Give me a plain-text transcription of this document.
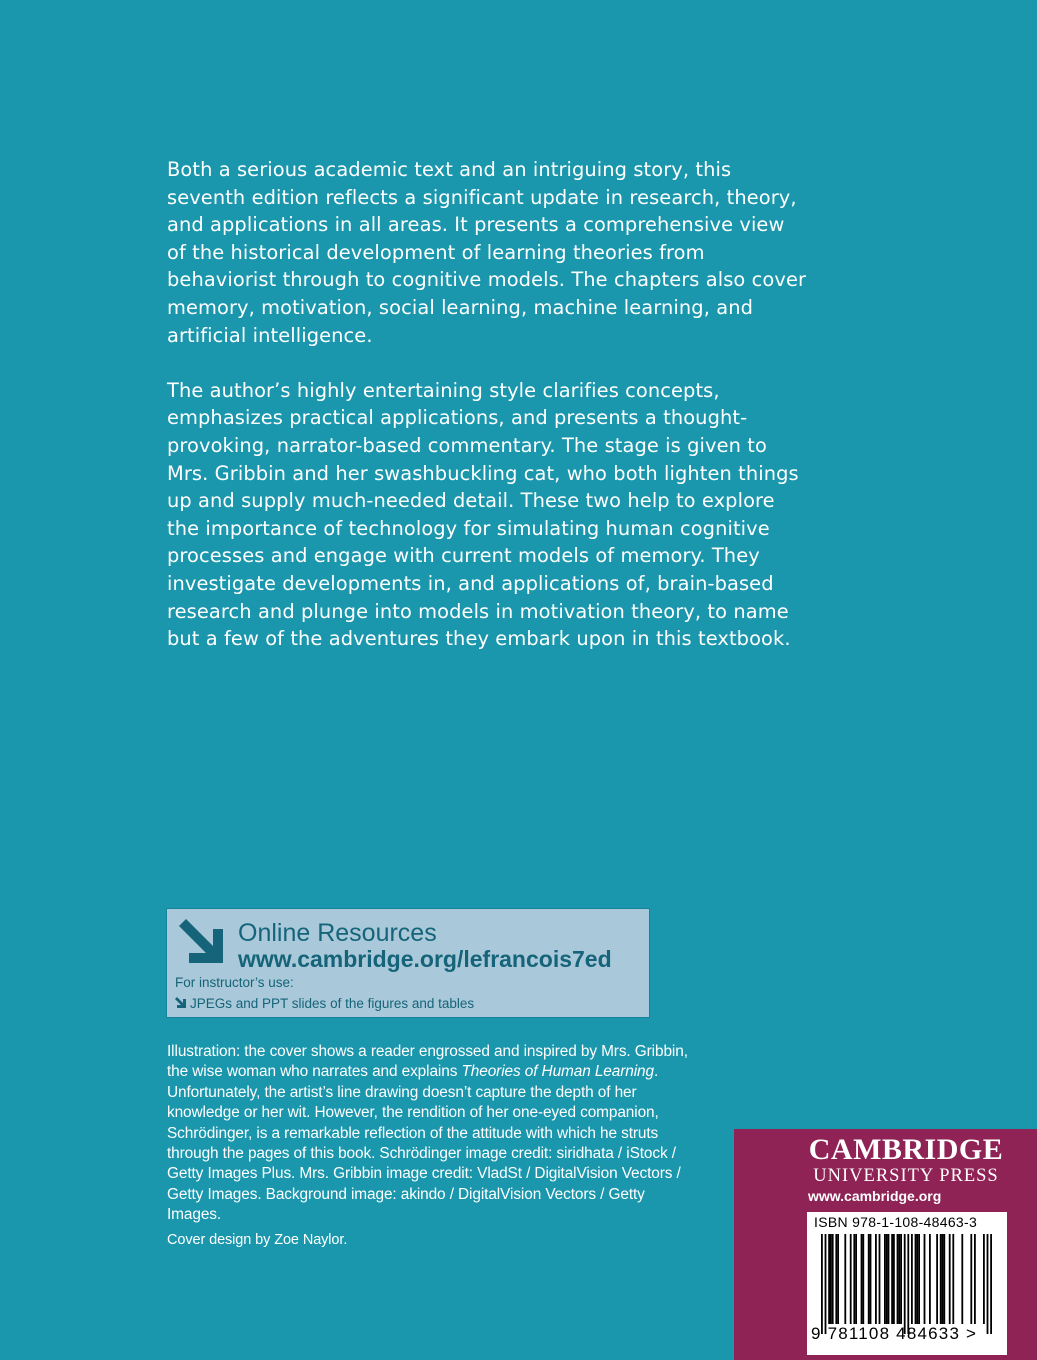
Both a serious academic text and an intriguing story, this seventh edition reflects a significant update in research, theory, and applications in all areas. It presents a comprehensive view of the historical development of learning theories from behaviorist through to cognitive models. The chapters also cover memory, motivation, social learning, machine learning, and artificial intelligence.

The author’s highly entertaining style clarifies concepts, emphasizes practical applications, and presents a thought-provoking, narrator-based commentary. The stage is given to Mrs. Gribbin and her swashbuckling cat, who both lighten things up and supply much-needed detail. These two help to explore the importance of technology for simulating human cognitive processes and engage with current models of memory. They investigate developments in, and applications of, brain-based research and plunge into models in motivation theory, to name but a few of the adventures they embark upon in this textbook.

Online Resources
www.cambridge.org/lefrancois7ed
For instructor’s use:
JPEGs and PPT slides of the figures and tables

Illustration: the cover shows a reader engrossed and inspired by Mrs. Gribbin, the wise woman who narrates and explains Theories of Human Learning. Unfortunately, the artist’s line drawing doesn’t capture the depth of her knowledge or her wit. However, the rendition of her one-eyed companion, Schrödinger, is a remarkable reflection of the attitude with which he struts through the pages of this book. Schrödinger image credit: siridhata / iStock / Getty Images Plus. Mrs. Gribbin image credit: VladSt / DigitalVision Vectors / Getty Images. Background image: akindo / DigitalVision Vectors / Getty Images.

Cover design by Zoe Naylor.

CAMBRIDGE
UNIVERSITY PRESS
www.cambridge.org
ISBN 978-1-108-48463-3
9 781108 484633 >
